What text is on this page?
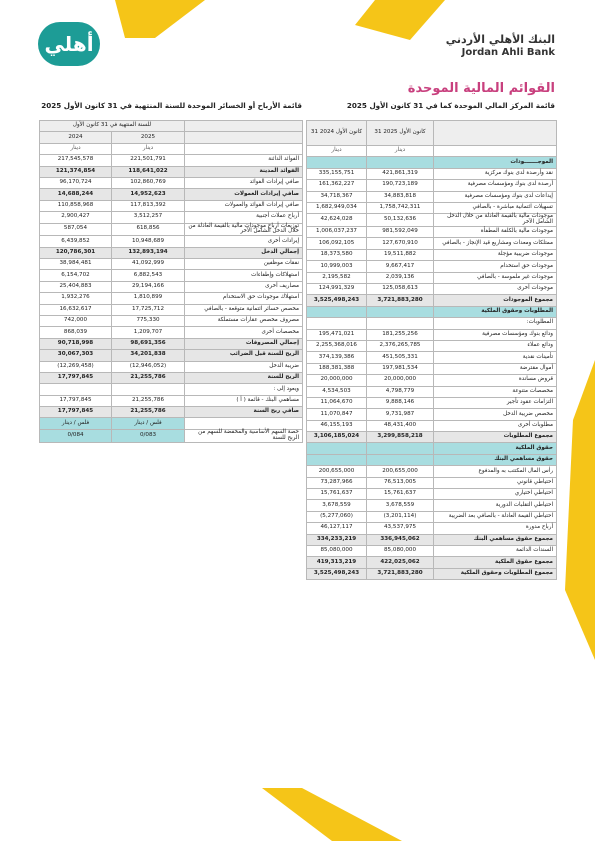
أهلي	البنك الأهلي الأردني
Jordan Ahli Bank
القوائم المالية الموحدة
قائمة المركز المالي الموحدة كما في 31 كانون الأول 2025
قائمة الأرباح أو الخسائر الموحدة للسنة المنتهية في 31 كانون الأول 2025
31 كانون الأول 2024	31 كانون الأول 2025	
دينار	دينار	
		الموجـــــــودات
335,155,751	421,861,319	نقد وأرصدة لدى بنوك مركزية
161,362,227	190,723,189	أرصدة لدى بنوك ومؤسسات مصرفية
34,718,367	34,883,818	إيداعات لدى بنوك ومؤسسات مصرفية
1,682,949,034	1,758,742,311	تسهيلات ائتمانية مباشرة - بالصافي
42,624,028	50,132,636	موجودات مالية بالقيمة العادلة من خلال الدخل الشامل الآخر
1,006,037,237	981,592,049	موجودات مالية بالكلفة المطفأة
106,092,105	127,670,910	ممتلكات ومعدات ومشاريع قيد الإنجاز - بالصافي
18,373,580	19,511,882	موجودات ضريبية مؤجلة
10,999,003	9,667,417	موجودات حق استخدام
2,195,582	2,039,136	موجودات غير ملموسة - بالصافي
124,991,329	125,058,613	موجودات أخرى
3,525,498,243	3,721,883,280	مجموع الموجودات
		المطلوبات وحقوق الملكية
		المطلوبات:
195,471,021	181,255,256	ودائع بنوك ومؤسسات مصرفية
2,255,368,016	2,376,265,785	ودائع عملاء
374,139,386	451,505,331	تأمينات نقدية
188,381,388	197,981,534	أموال مقترضة
20,000,000	20,000,000	قروض مساندة
4,534,503	4,798,779	مخصصات متنوعة
11,064,670	9,888,146	التزامات عقود تأجير
11,070,847	9,731,987	مخصص ضريبة الدخل
46,155,193	48,431,400	مطلوبات أخرى
3,106,185,024	3,299,858,218	مجموع المطلوبات
		حقوق الملكية
		حقوق مساهمي البنك
200,655,000	200,655,000	رأس المال المكتتب به والمدفوع
73,287,966	76,513,005	احتياطي قانوني
15,761,637	15,761,637	احتياطي اختياري
3,678,559	3,678,559	احتياطي التقلبات الدورية
(5,277,060)	(3,201,114)	احتياطي القيمة العادلة - بالصافي بعد الضريبة
46,127,117	43,537,975	أرباح مدورة
334,233,219	336,945,062	مجموع حقوق مساهمي البنك
85,080,000	85,080,000	السندات الدائمة
419,313,219	422,025,062	مجموع حقوق الملكية
3,525,498,243	3,721,883,280	مجموع المطلوبات وحقوق الملكية
للسنة المنتهية في 31 كانون الأول		
2024	2025	
دينار	دينار	
217,545,578	221,501,791	الفوائد الدائنة
121,374,854	118,641,022	الفوائد المدينة
96,170,724	102,860,769	صافي إيرادات الفوائد
14,688,244	14,952,623	صافي إيرادات العمولات
110,858,968	117,813,392	صافي إيرادات الفوائد والعمولات
2,900,427	3,512,257	أرباح عملات أجنبية
587,054	618,856	توزيعات أرباح موجودات مالية بالقيمة العادلة من خلال الدخل الشامل الآخر
6,439,852	10,948,689	إيرادات أخرى
120,786,301	132,893,194	إجمالي الدخل
38,984,481	41,092,999	نفقات موظفين
6,154,702	6,882,543	استهلاكات وإطفاءات
25,404,883	29,194,166	مصاريف أخرى
1,932,276	1,810,899	استهلاك موجودات حق الاستخدام
16,632,617	17,725,712	مخصص خسائر ائتمانية متوقعة - بالصافي
742,000	775,330	مصروف مخصص عقارات مستملكة
868,039	1,209,707	مخصصات أخرى
90,718,998	98,691,356	إجمالي المصروفات
30,067,303	34,201,838	الربح للسنة قبل الضرائب
(12,269,458)	(12,946,052)	ضريبة الدخل
17,797,845	21,255,786	الربح للسنة
		ويعود إلى :
17,797,845	21,255,786	مساهمي البنك - قائمة ( أ )
17,797,845	21,255,786	صافي ربح السنة
فلس / دينار	فلس / دينار	
0/084	0/083	حصة السهم الأساسية والمخفضة للسهم من الربح للسنة
